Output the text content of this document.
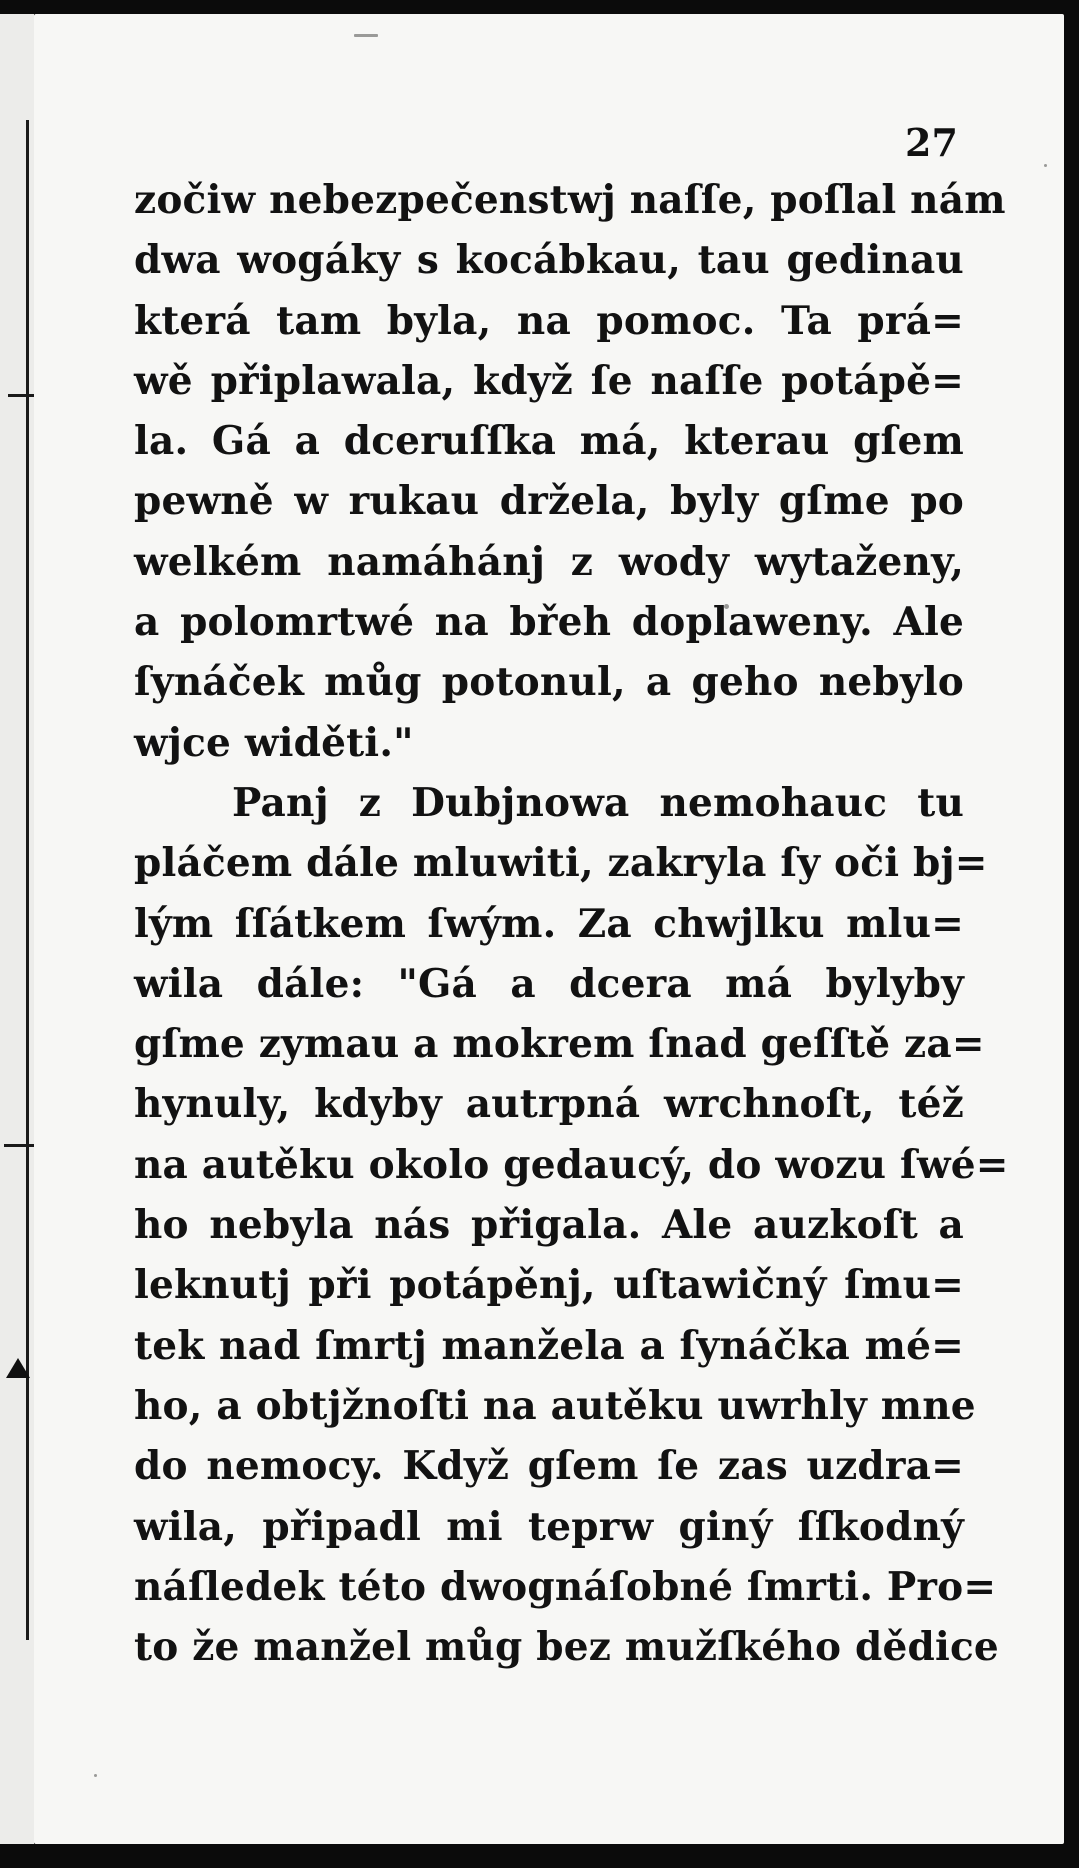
27
zočiw nebezpečenstwj naſſe, poſlal nám
dwa wogáky s kocábkau, tau gedinau
která tam byla, na pomoc. Ta prá=
wě připlawala, když ſe naſſe potápě=
la. Gá a dceruſſka má, kterau gſem
pewně w rukau držela, byly gſme po
welkém namáhánj z wody wytaženy,
a polomrtwé na břeh doplaweny. Ale
ſynáček můg potonul, a geho nebylo
wjce widěti."
Panj z Dubjnowa nemohauc tu
pláčem dále mluwiti, zakryla ſy oči bj=
lým ſſátkem ſwým. Za chwjlku mlu=
wila dále: "Gá a dcera má bylyby
gſme zymau a mokrem ſnad geſſtě za=
hynuly, kdyby autrpná wrchnoſt, též
na autěku okolo gedaucý, do wozu ſwé=
ho nebyla nás přigala. Ale auzkoſt a
leknutj při potápěnj, uſtawičný ſmu=
tek nad ſmrtj manžela a ſynáčka mé=
ho, a obtjžnoſti na autěku uwrhly mne
do nemocy. Když gſem ſe zas uzdra=
wila, připadl mi teprw giný ſſkodný
náſledek této dwognáſobné ſmrti. Pro=
to že manžel můg bez mužſkého dědice
